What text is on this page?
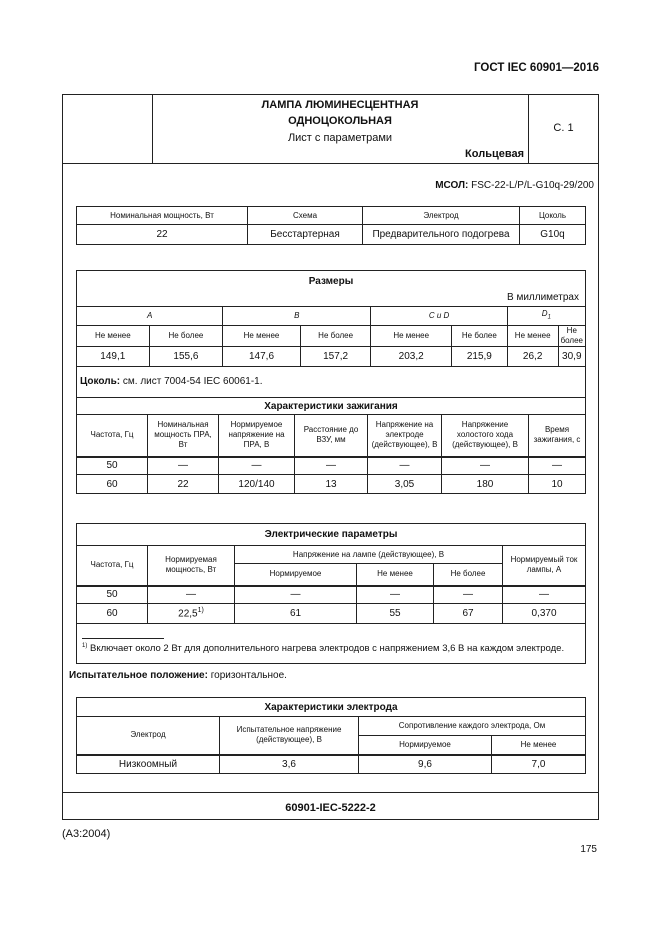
ГОСТ IEC 60901—2016
ЛАМПА ЛЮМИНЕСЦЕНТНАЯ
ОДНОЦОКОЛЬНАЯ
Лист с параметрами
Кольцевая
С. 1
МСОЛ: FSC-22-L/P/L-G10q-29/200
Номинальная мощность, Вт	Схема	Электрод	Цоколь
22	Бесстартерная	Предварительного подогрева	G10q
Размеры
В миллиметрах							

A		B		C и D		$D_1$
Не менее	Не более	Не менее	Не более	Не менее	Не более	Не менее	Не более
149,1	155,6	147,6	157,2	203,2	215,9	26,2	30,9

Цоколь: см. лист 7004-54 IEC 60061-1.
Характеристики зажигания						
Частота, Гц	Номинальная мощность ПРА, Вт	Нормируемое напряжение на ПРА, В	Расстояние до ВЗУ, мм	Напряжение на электроде (действующее), В	Напряжение холостого хода (действующее), В	Время зажигания, с
50	—	—	—	—	—	—
60	22	120/140	13	3,05	180	10
Электрические параметры					
Частота, Гц	Нормируемая мощность, Вт	Напряжение на лампе (действующее), В			Нормируемый ток лампы, А
		Нормируемое	Не менее	Не более	
50	—	—	—	—	—
60	22,5$^{1)}$	61	55	67	0,370

$^{1)}$ Включает около 2 Вт для дополнительного нагрева электродов с напряжением 3,6 В на каждом электроде.
Испытательное положение: горизонтальное.
Характеристики электрода			
Электрод	Испытательное напряжение (действующее), В	Сопротивление каждого электрода, Ом	
		Нормируемое	Не менее
Низкоомный	3,6	9,6	7,0
60901-IEC-5222-2
(A3:2004)
175
